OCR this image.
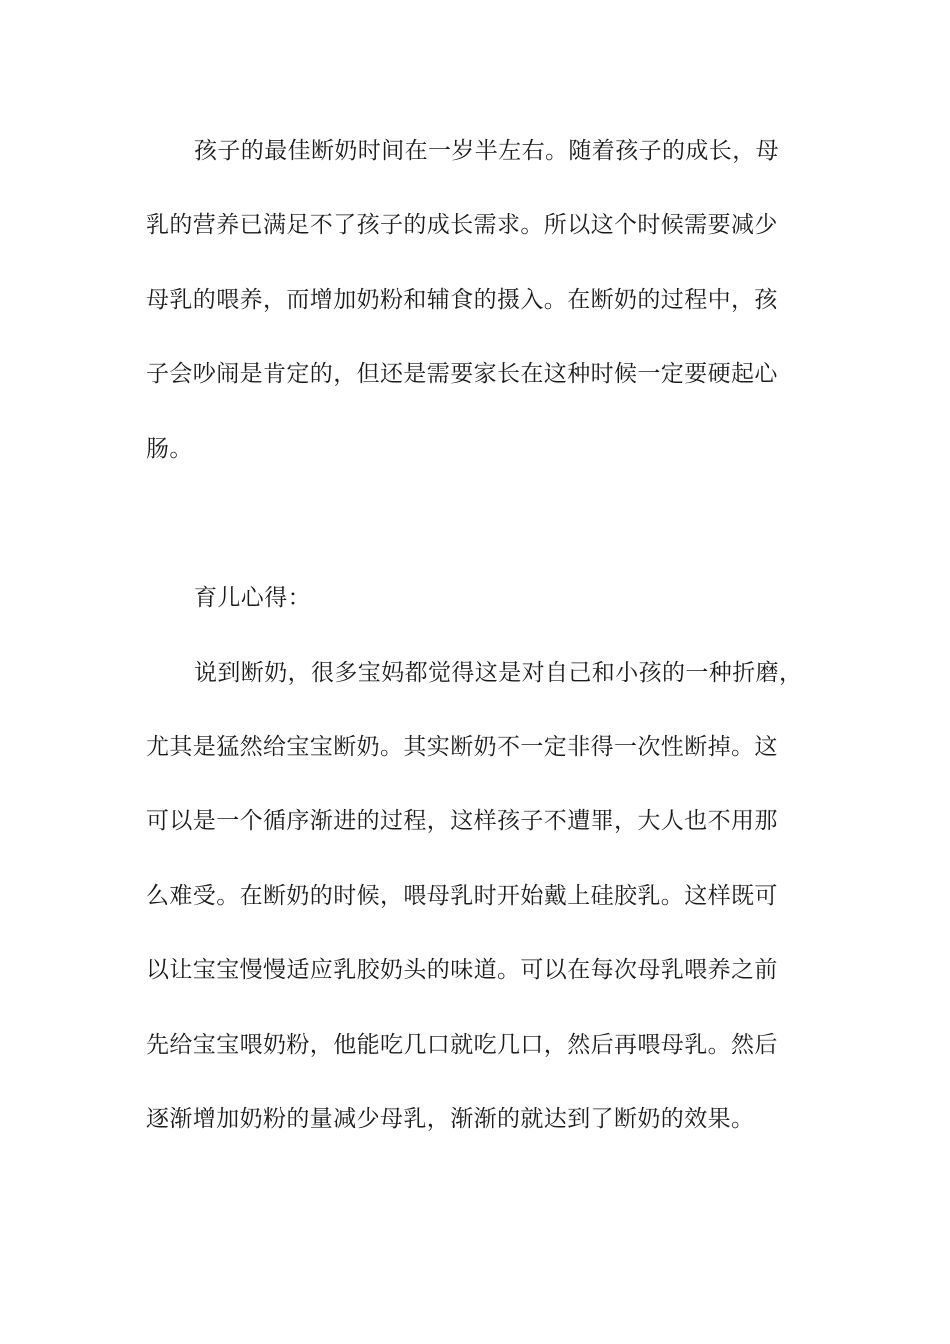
孩子的最佳断奶时间在一岁半左右。随着孩子的成长，母
乳的营养已满足不了孩子的成长需求。所以这个时候需要减少
母乳的喂养，而增加奶粉和辅食的摄入。在断奶的过程中，孩
子会吵闹是肯定的，但还是需要家长在这种时候一定要硬起心
肠。
育儿心得：
说到断奶，很多宝妈都觉得这是对自己和小孩的一种折磨，
尤其是猛然给宝宝断奶。其实断奶不一定非得一次性断掉。这
可以是一个循序渐进的过程，这样孩子不遭罪，大人也不用那
么难受。在断奶的时候，喂母乳时开始戴上硅胶乳。这样既可
以让宝宝慢慢适应乳胶奶头的味道。可以在每次母乳喂养之前
先给宝宝喂奶粉，他能吃几口就吃几口，然后再喂母乳。然后
逐渐增加奶粉的量减少母乳，渐渐的就达到了断奶的效果。
